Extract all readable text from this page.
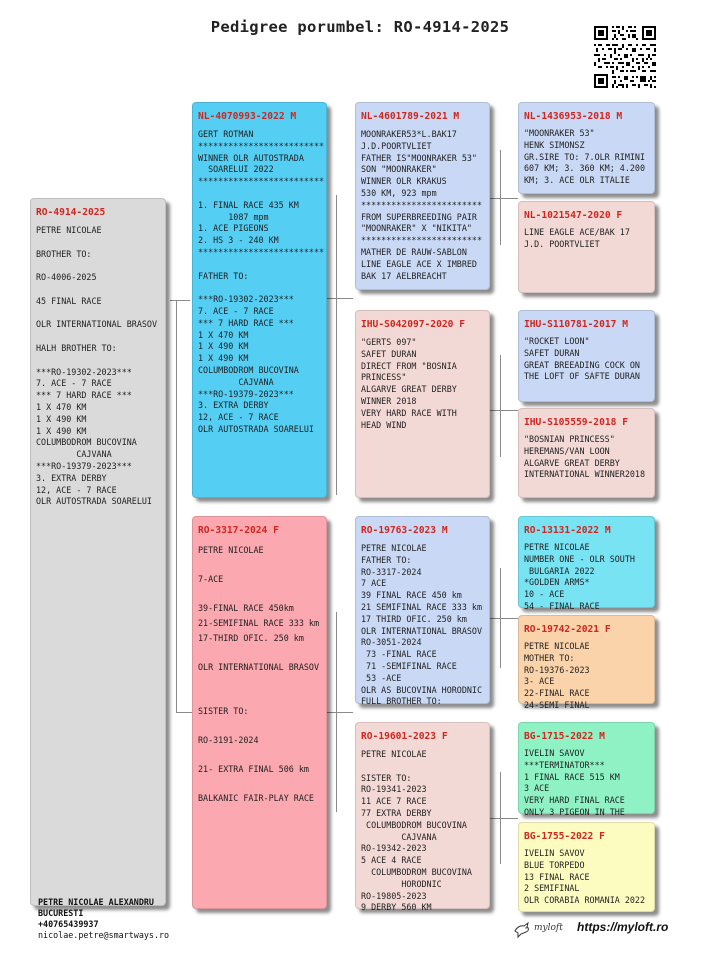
Pedigree porumbel: RO-4914-2025
RO-4914-2025
PETRE NICOLAE

BROTHER TO:

RO-4006-2025

45 FINAL RACE

OLR INTERNATIONAL BRASOV

HALH BROTHER TO:

***RO-19302-2023***
7. ACE - 7 RACE
*** 7 HARD RACE ***
1 X 470 KM
1 X 490 KM
1 X 490 KM
COLUMBODROM BUCOVINA
CAJVANA
***RO-19379-2023***
3. EXTRA DERBY
12, ACE - 7 RACE
OLR AUTOSTRADA SOARELUI
NL-4070993-2022 M
GERT ROTMAN
*************************
WINNER OLR AUTOSTRADA
SOARELUI 2022
*************************

1. FINAL RACE 435 KM
1087 mpm
1. ACE PIGEONS
2. HS 3 - 240 KM
*************************

FATHER TO:

***RO-19302-2023***
7. ACE - 7 RACE
*** 7 HARD RACE ***
1 X 470 KM
1 X 490 KM
1 X 490 KM
COLUMBODROM BUCOVINA
CAJVANA
***RO-19379-2023***
3. EXTRA DERBY
12, ACE - 7 RACE
OLR AUTOSTRADA SOARELUI
RO-3317-2024 F
PETRE NICOLAE

7-ACE

39-FINAL RACE 450km
21-SEMIFINAL RACE 333 km
17-THIRD OFIC. 250 km

OLR INTERNATIONAL BRASOV

SISTER TO:

RO-3191-2024

21- EXTRA FINAL 506 km

BALKANIC FAIR-PLAY RACE
NL-4601789-2021 M
MOONRAKER53*L.BAK17
J.D.POORTVLIET
FATHER IS"MOONRAKER 53"
SON "MOONRAKER"
WINNER OLR KRAKUS
530 KM, 923 mpm
************************
FROM SUPERBREEDING PAIR
"MOONRAKER" X "NIKITA"
************************
MATHER DE RAUW-SABLON
LINE EAGLE ACE X IMBRED
BAK 17 AELBREACHT
IHU-S042097-2020 F
"GERTS 097"
SAFET DURAN
DIRECT FROM "BOSNIA
PRINCESS"
ALGARVE GREAT DERBY
WINNER 2018
VERY HARD RACE WITH
HEAD WIND
RO-19763-2023 M
PETRE NICOLAE
FATHER TO:
RO-3317-2024
7 ACE
39 FINAL RACE 450 km
21 SEMIFINAL RACE 333 km
17 THIRD OFIC. 250 km
OLR INTERNATIONAL BRASOV
RO-3051-2024
73 -FINAL RACE
71 -SEMIFINAL RACE
53 -ACE
OLR AS BUCOVINA HORODNIC
FULL BROTHER TO:
RO-19601-2023 F
PETRE NICOLAE

SISTER TO:
RO-19341-2023
11 ACE 7 RACE
77 EXTRA DERBY
COLUMBODROM BUCOVINA
CAJVANA
RO-19342-2023
5 ACE 4 RACE
COLUMBODROM BUCOVINA
HORODNIC
RO-19805-2023
9 DERBY 560 KM
NL-1436953-2018 M
"MOONRAKER 53"
HENK SIMONSZ
GR.SIRE TO: 7.OLR RIMINI
607 KM; 3. 360 KM; 4.200
KM; 3. ACE OLR ITALIE
NL-1021547-2020 F
LINE EAGLE ACE/BAK 17
J.D. POORTVLIET
IHU-S110781-2017 M
"ROCKET LOON"
SAFET DURAN
GREAT BREEADING COCK ON
THE LOFT OF SAFTE DURAN
IHU-S105559-2018 F
"BOSNIAN PRINCESS"
HEREMANS/VAN LOON
ALGARVE GREAT DERBY
INTERNATIONAL WINNER2018
RO-13131-2022 M
PETRE NICOLAE
NUMBER ONE - OLR SOUTH
BULGARIA 2022
*GOLDEN ARMS*
10 - ACE
54 - FINAL RACE
RO-19742-2021 F
PETRE NICOLAE
MOTHER TO:
RO-19376-2023
3- ACE
22-FINAL RACE
24-SEMI FINAL
BG-1715-2022 M
IVELIN SAVOV
***TERMINATOR***
1 FINAL RACE 515 KM
3 ACE
VERY HARD FINAL RACE
ONLY 3 PIGEON IN THE
BG-1755-2022 F
IVELIN SAVOV
BLUE TORPEDO
13 FINAL RACE
2 SEMIFINAL
OLR CORABIA ROMANIA 2022

PETRE NICOLAE ALEXANDRU
BUCURESTI
+40765439937
nicolae.petre@smartways.ro
myloft https://myloft.ro
